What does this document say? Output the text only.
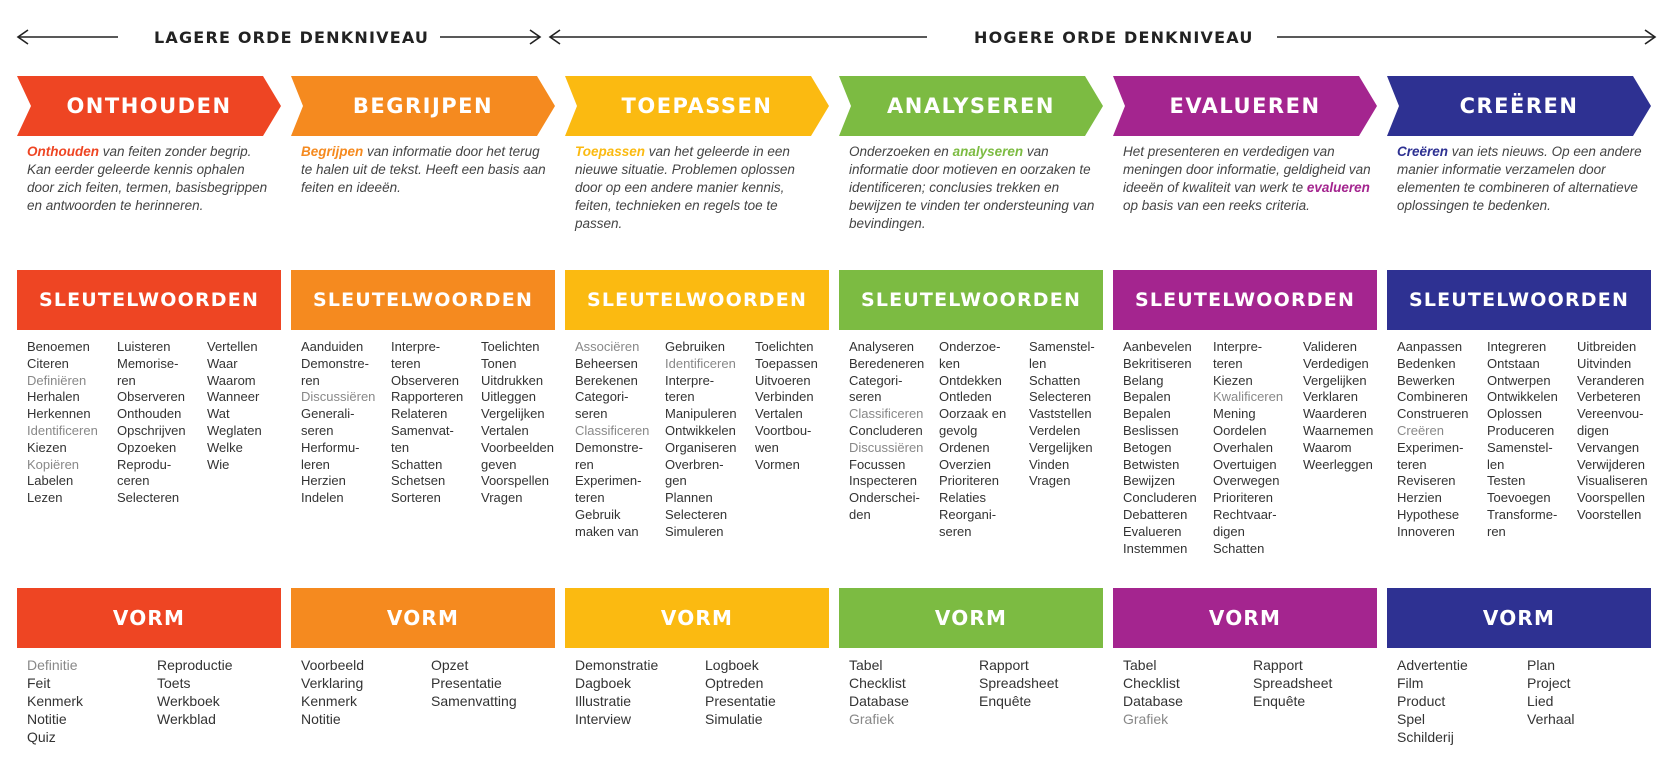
LAGERE ORDE DENKNIVEAU	HOGERE ORDE DENKNIVEAU
ONTHOUDEN
Onthouden van feiten zonder begrip. Kan eerder geleerde kennis ophalen door zich feiten, termen, basisbegrippen en antwoorden te herinneren.
SLEUTELWOORDEN
Benoemen
Citeren
Definiëren
Herhalen
Herkennen
Identificeren
Kiezen
Kopiëren
Labelen
Lezen
Luisteren
Memorise-
ren
Observeren
Onthouden
Opschrijven
Opzoeken
Reprodu-
ceren
Selecteren
Vertellen
Waar
Waarom
Wanneer
Wat
Weglaten
Welke
Wie
VORM
Definitie
Feit
Kenmerk
Notitie
Quiz
Reproductie
Toets
Werkboek
Werkblad
BEGRIJPEN
Begrijpen van informatie door het terug te halen uit de tekst. Heeft een basis aan feiten en ideeën.
SLEUTELWOORDEN
Aanduiden
Demonstre-
ren
Discussiëren
Generali-
seren
Herformu-
leren
Herzien
Indelen
Interpre-
teren
Observeren
Rapporteren
Relateren
Samenvat-
ten
Schatten
Schetsen
Sorteren
Toelichten
Tonen
Uitdrukken
Uitleggen
Vergelijken
Vertalen
Voorbeelden
geven
Voorspellen
Vragen
VORM
Voorbeeld
Verklaring
Kenmerk
Notitie
Opzet
Presentatie
Samenvatting
TOEPASSEN
Toepassen van het geleerde in een nieuwe situatie. Problemen oplossen door op een andere manier kennis, feiten, technieken en regels toe te passen.
SLEUTELWOORDEN
Associëren
Beheersen
Berekenen
Categori-
seren
Classificeren
Demonstre-
ren
Experimen-
teren
Gebruik
maken van
Gebruiken
Identificeren
Interpre-
teren
Manipuleren
Ontwikkelen
Organiseren
Overbren-
gen
Plannen
Selecteren
Simuleren
Toelichten
Toepassen
Uitvoeren
Verbinden
Vertalen
Voortbou-
wen
Vormen
VORM
Demonstratie
Dagboek
Illustratie
Interview
Logboek
Optreden
Presentatie
Simulatie
ANALYSEREN
Onderzoeken en analyseren van informatie door motieven en oorzaken te identificeren; conclusies trekken en bewijzen te vinden ter ondersteuning van bevindingen.
SLEUTELWOORDEN
Analyseren
Beredeneren
Categori-
seren
Classificeren
Concluderen
Discussiëren
Focussen
Inspecteren
Onderschei-
den
Onderzoe-
ken
Ontdekken
Ontleden
Oorzaak en
gevolg
Ordenen
Overzien
Prioriteren
Relaties
Reorgani-
seren
Samenstel-
len
Schatten
Selecteren
Vaststellen
Verdelen
Vergelijken
Vinden
Vragen
VORM
Tabel
Checklist
Database
Grafiek
Rapport
Spreadsheet
Enquête
EVALUEREN
Het presenteren en verdedigen van meningen door informatie, geldigheid van ideeën of kwaliteit van werk te evalueren op basis van een reeks criteria.
SLEUTELWOORDEN
Aanbevelen
Bekritiseren
Belang
Bepalen
Bepalen
Beslissen
Betogen
Betwisten
Bewijzen
Concluderen
Debatteren
Evalueren
Instemmen
Interpre-
teren
Kiezen
Kwalificeren
Mening
Oordelen
Overhalen
Overtuigen
Overwegen
Prioriteren
Rechtvaar-
digen
Schatten
Valideren
Verdedigen
Vergelijken
Verklaren
Waarderen
Waarnemen
Waarom
Weerleggen
VORM
Tabel
Checklist
Database
Grafiek
Rapport
Spreadsheet
Enquête
CREËREN
Creëren van iets nieuws. Op een andere manier informatie verzamelen door elementen te combineren of alternatieve oplossingen te bedenken.
SLEUTELWOORDEN
Aanpassen
Bedenken
Bewerken
Combineren
Construeren
Creëren
Experimen-
teren
Reviseren
Herzien
Hypothese
Innoveren
Integreren
Ontstaan
Ontwerpen
Ontwikkelen
Oplossen
Produceren
Samenstel-
len
Testen
Toevoegen
Transforme-
ren
Uitbreiden
Uitvinden
Veranderen
Verbeteren
Vereenvou-
digen
Vervangen
Verwijderen
Visualiseren
Voorspellen
Voorstellen
VORM
Advertentie
Film
Product
Spel
Schilderij
Plan
Project
Lied
Verhaal
